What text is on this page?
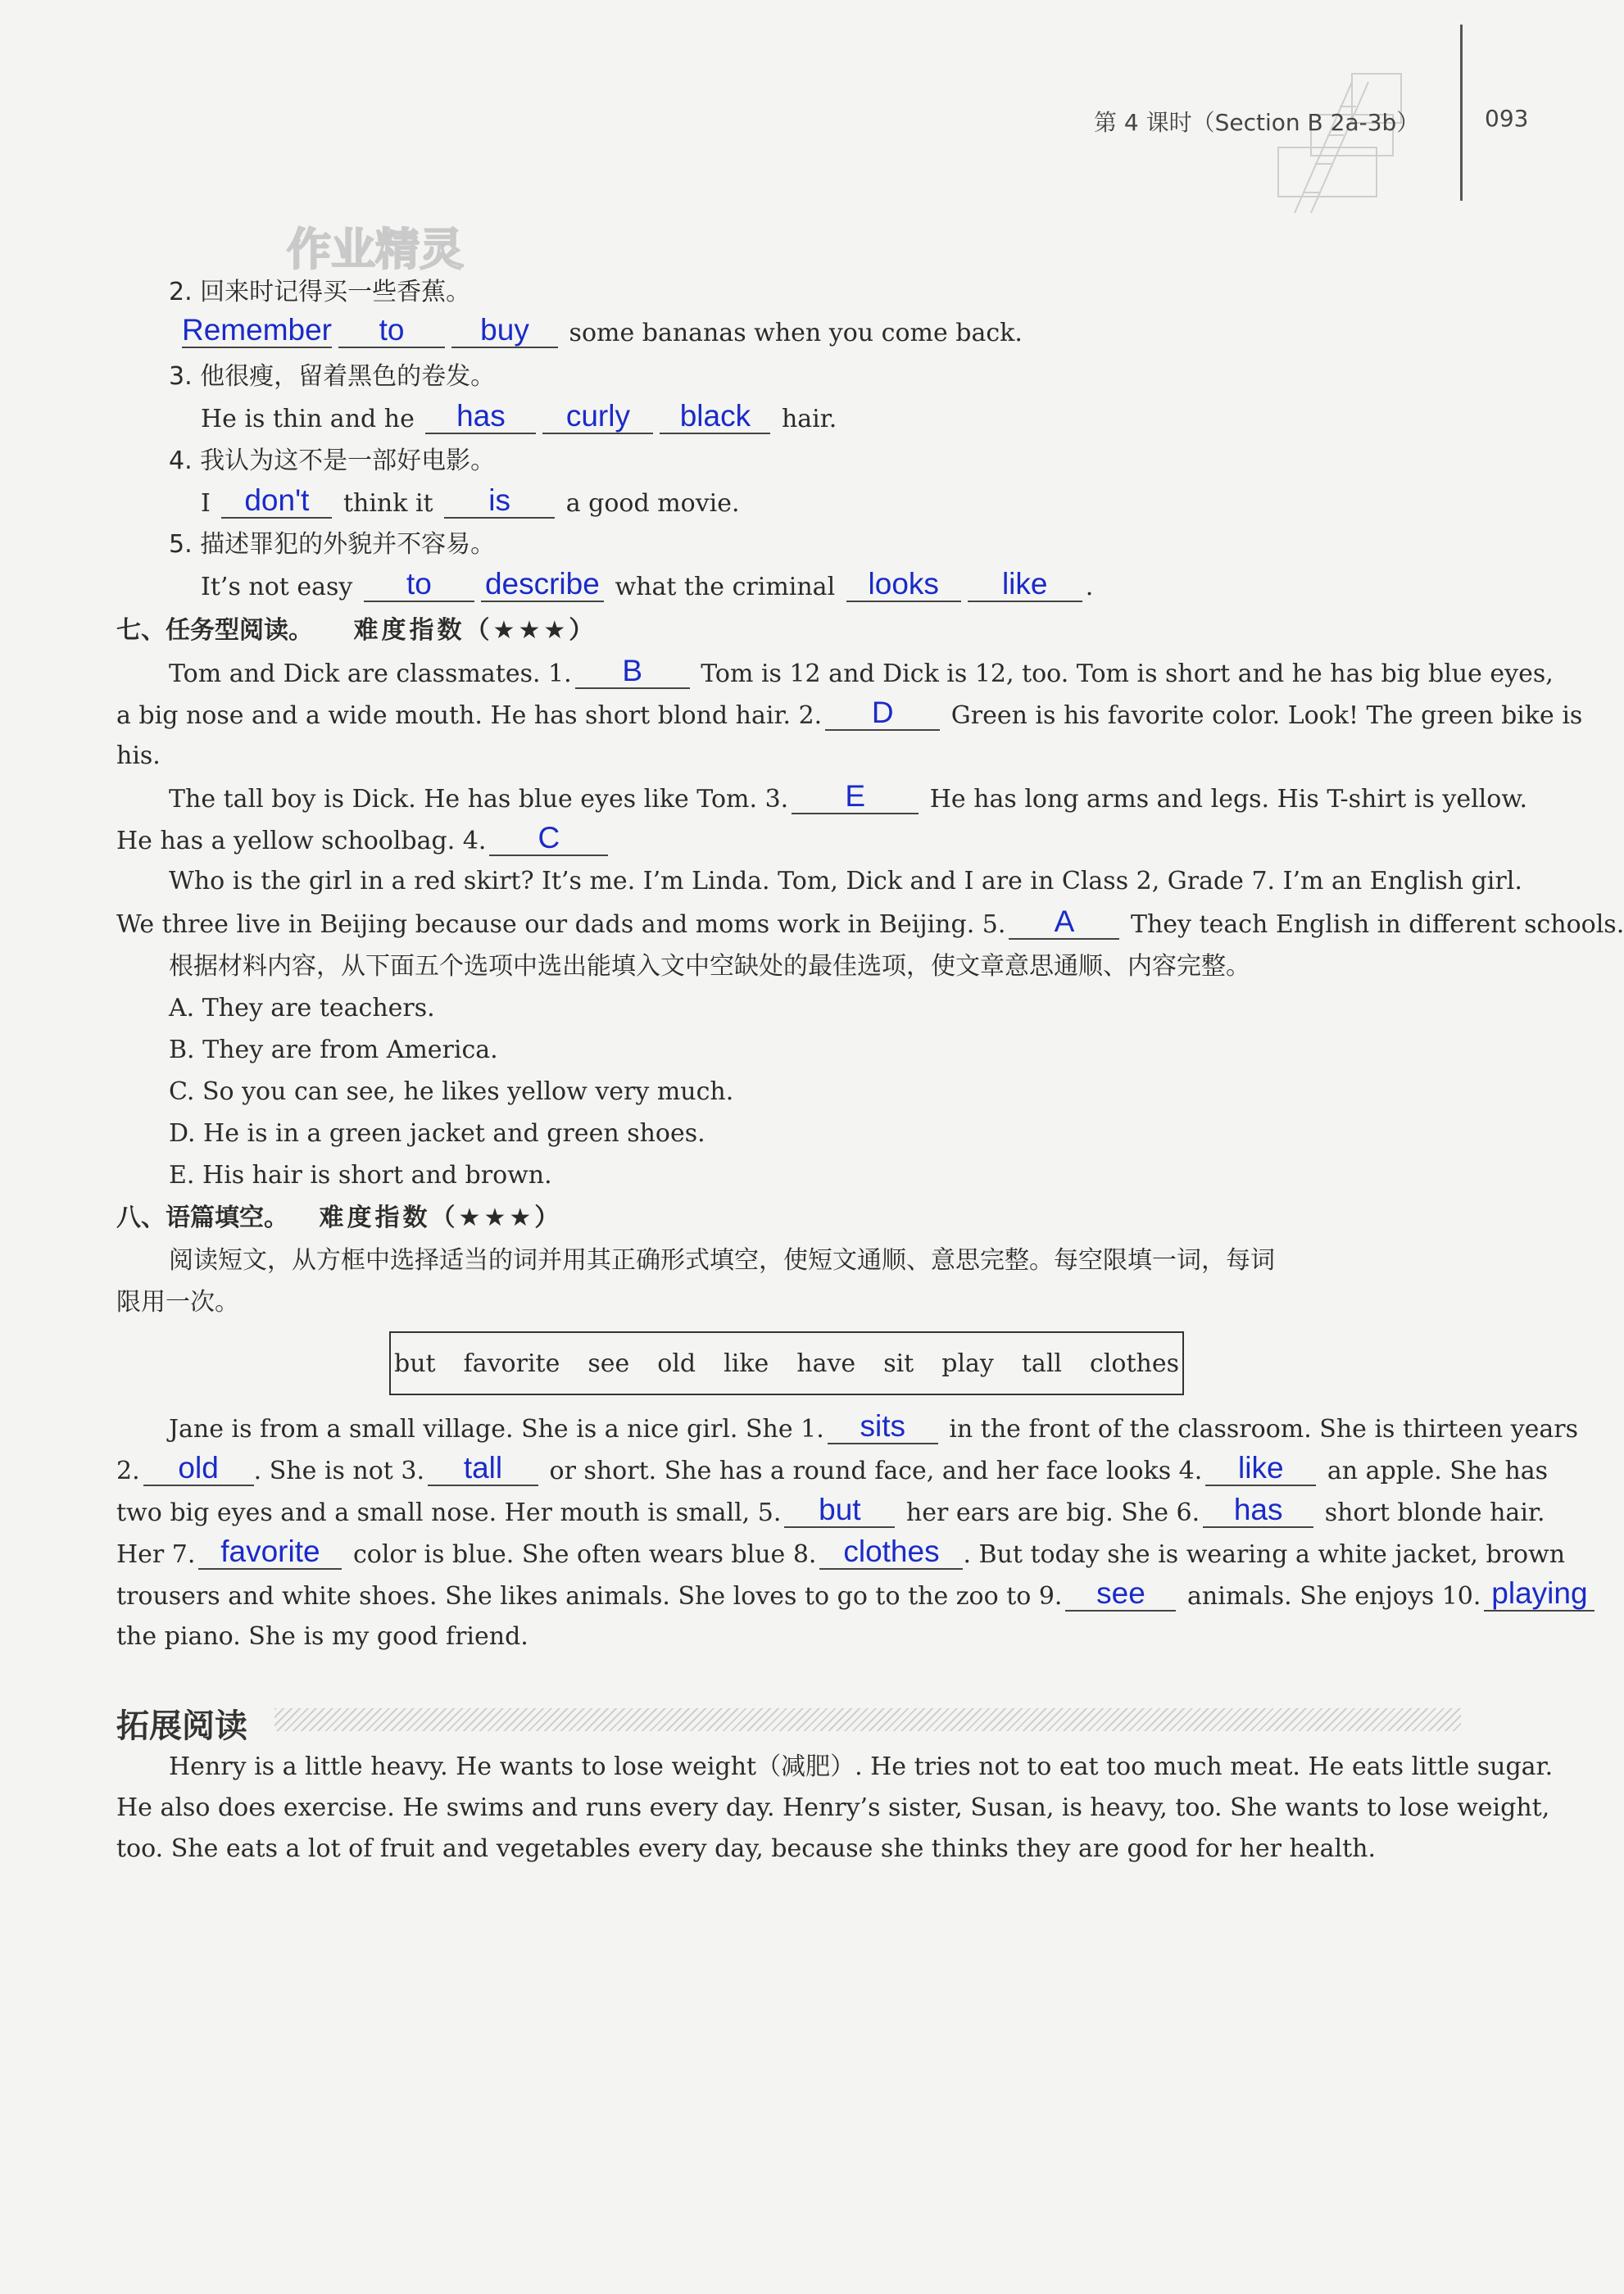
第 4 课时（Section B 2a-3b）	093
作业精灵
2. 回来时记得买一些香蕉。
Remember to	buy some bananas when you come back.
3. 他很瘦，留着黑色的卷发。
He is thin and he has curly black hair.
4. 我认为这不是一部好电影。
I don't think it is a good movie.
5. 描述罪犯的外貌并不容易。
It’s not easy to describe what the criminal looks like .
七、任务型阅读。 难度指数（★★★）
Tom and Dick are classmates. 1. B Tom is 12 and Dick is 12, too. Tom is short and he has big blue eyes,
a big nose and a wide mouth. He has short blond hair. 2. D Green is his favorite color. Look! The green bike is
his.
The tall boy is Dick. He has blue eyes like Tom. 3. E	He has long arms and legs. His T-shirt is yellow.
He has a yellow schoolbag. 4. C
Who is the girl in a red skirt? It’s me. I’m Linda. Tom, Dick and I are in Class 2, Grade 7. I’m an English girl.
We three live in Beijing because our dads and moms work in Beijing. 5. A They teach English in different schools.
根据材料内容，从下面五个选项中选出能填入文中空缺处的最佳选项，使文章意思通顺、内容完整。
A. They are teachers.
B. They are from America.
C. So you can see, he likes yellow very much.
D. He is in a green jacket and green shoes.
E. His hair is short and brown.
八、语篇填空。 难度指数（★★★）
阅读短文，从方框中选择适当的词并用其正确形式填空，使短文通顺、意思完整。每空限填一词，每词
限用一次。
but favorite see old like have sit play tall clothes
Jane is from a small village. She is a nice girl. She 1. sits in the front of the classroom. She is thirteen years
2. old . She is not 3. tall or short. She has a round face, and her face looks 4. like an apple. She has
two big eyes and a small nose. Her mouth is small, 5. but her ears are big. She 6. has short blonde hair.
Her 7. favorite color is blue. She often wears blue 8. clothes . But today she is wearing a white jacket, brown
trousers and white shoes. She likes animals. She loves to go to the zoo to 9. see animals. She enjoys 10. playing
the piano. She is my good friend.
拓展阅读
Henry is a little heavy. He wants to lose weight（减肥）. He tries not to eat too much meat. He eats little sugar.
He also does exercise. He swims and runs every day. Henry’s sister, Susan, is heavy, too. She wants to lose weight,
too. She eats a lot of fruit and vegetables every day, because she thinks they are good for her health.
